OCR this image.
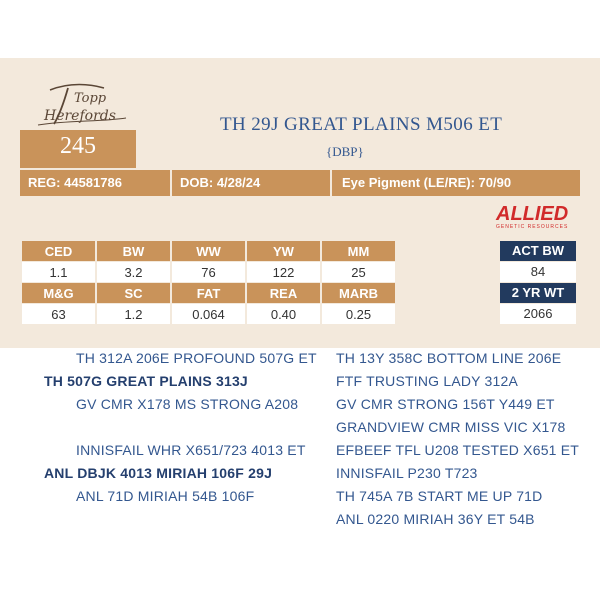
Topp
Herefords
245
TH 29J GREAT PLAINS M506 ET
{DBP}
REG: 44581786	DOB: 4/28/24	Eye Pigment (LE/RE): 70/90
ALLIED
GENETIC RESOURCES
CED	BW	WW	YW	MM
1.1	3.2	76	122	25
M&G	SC	FAT	REA	MARB
63	1.2	0.064	0.40	0.25
ACT BW
84
2 YR WT
2066
TH 312A 206E PROFOUND 507G ET
TH 507G GREAT PLAINS 313J
GV CMR X178 MS STRONG A208
INNISFAIL WHR X651/723 4013 ET
ANL DBJK 4013 MIRIAH 106F 29J
ANL 71D MIRIAH 54B 106F
TH 13Y 358C BOTTOM LINE 206E
FTF TRUSTING LADY 312A
GV CMR STRONG 156T Y449 ET
GRANDVIEW CMR MISS VIC X178
EFBEEF TFL U208 TESTED X651 ET
INNISFAIL P230 T723
TH 745A 7B START ME UP 71D
ANL 0220 MIRIAH 36Y ET 54B
